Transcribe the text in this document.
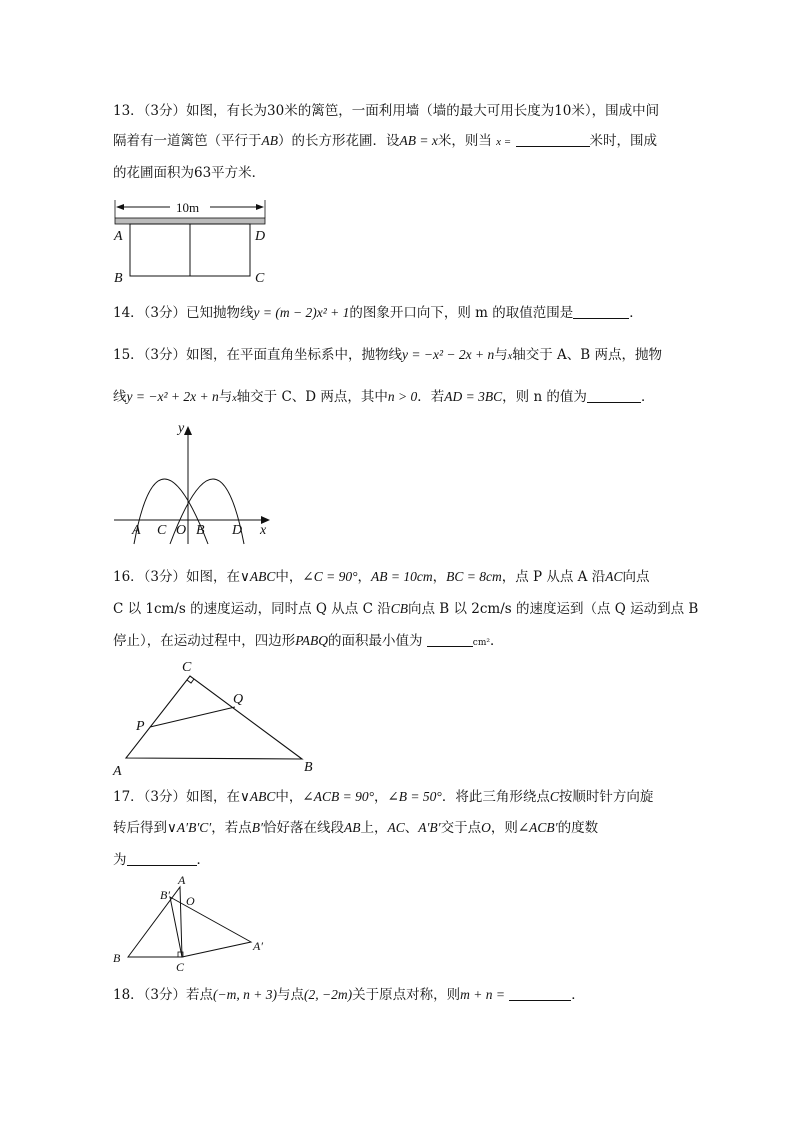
13．（3分）如图，有长为30米的篱笆，一面利用墙（墙的最大可用长度为10米），围成中间
隔着有一道篱笆（平行于AB）的长方形花圃．设AB = x米，则当 x =	米时，围成
的花圃面积为63平方米．
10m
A	D
B	C
14．（3分）已知抛物线y = (m − 2)x² + 1的图象开口向下，则 m 的取值范围是	．
15．（3分）如图，在平面直角坐标系中，抛物线y = −x² − 2x + n与x轴交于 A、B 两点，抛物
线y = −x² + 2x + n与x轴交于 C、D 两点，其中n > 0．若AD = 3BC，则 n 的值为	．
y
x
A C O B D
16．（3分）如图，在∨ABC中，∠C = 90°，AB = 10cm，BC = 8cm，点 P 从点 A 沿AC向点
C 以 1cm/s 的速度运动，同时点 Q 从点 C 沿CB向点 B 以 2cm/s 的速度运到（点 Q 运动到点 B
停止），在运动过程中，四边形PABQ的面积最小值为	cm²．
C
Q
P
A	B
17．（3分）如图，在∨ABC中，∠ACB = 90°，∠B = 50°．将此三角形绕点C按顺时针方向旋
转后得到∨A′B′C′，若点B′恰好落在线段AB上，AC、A′B′交于点O，则∠ACB′的度数
为	．
A
B′ O
A′
B
C
18．（3分）若点(−m, n + 3)与点(2, −2m)关于原点对称，则m + n =	．
